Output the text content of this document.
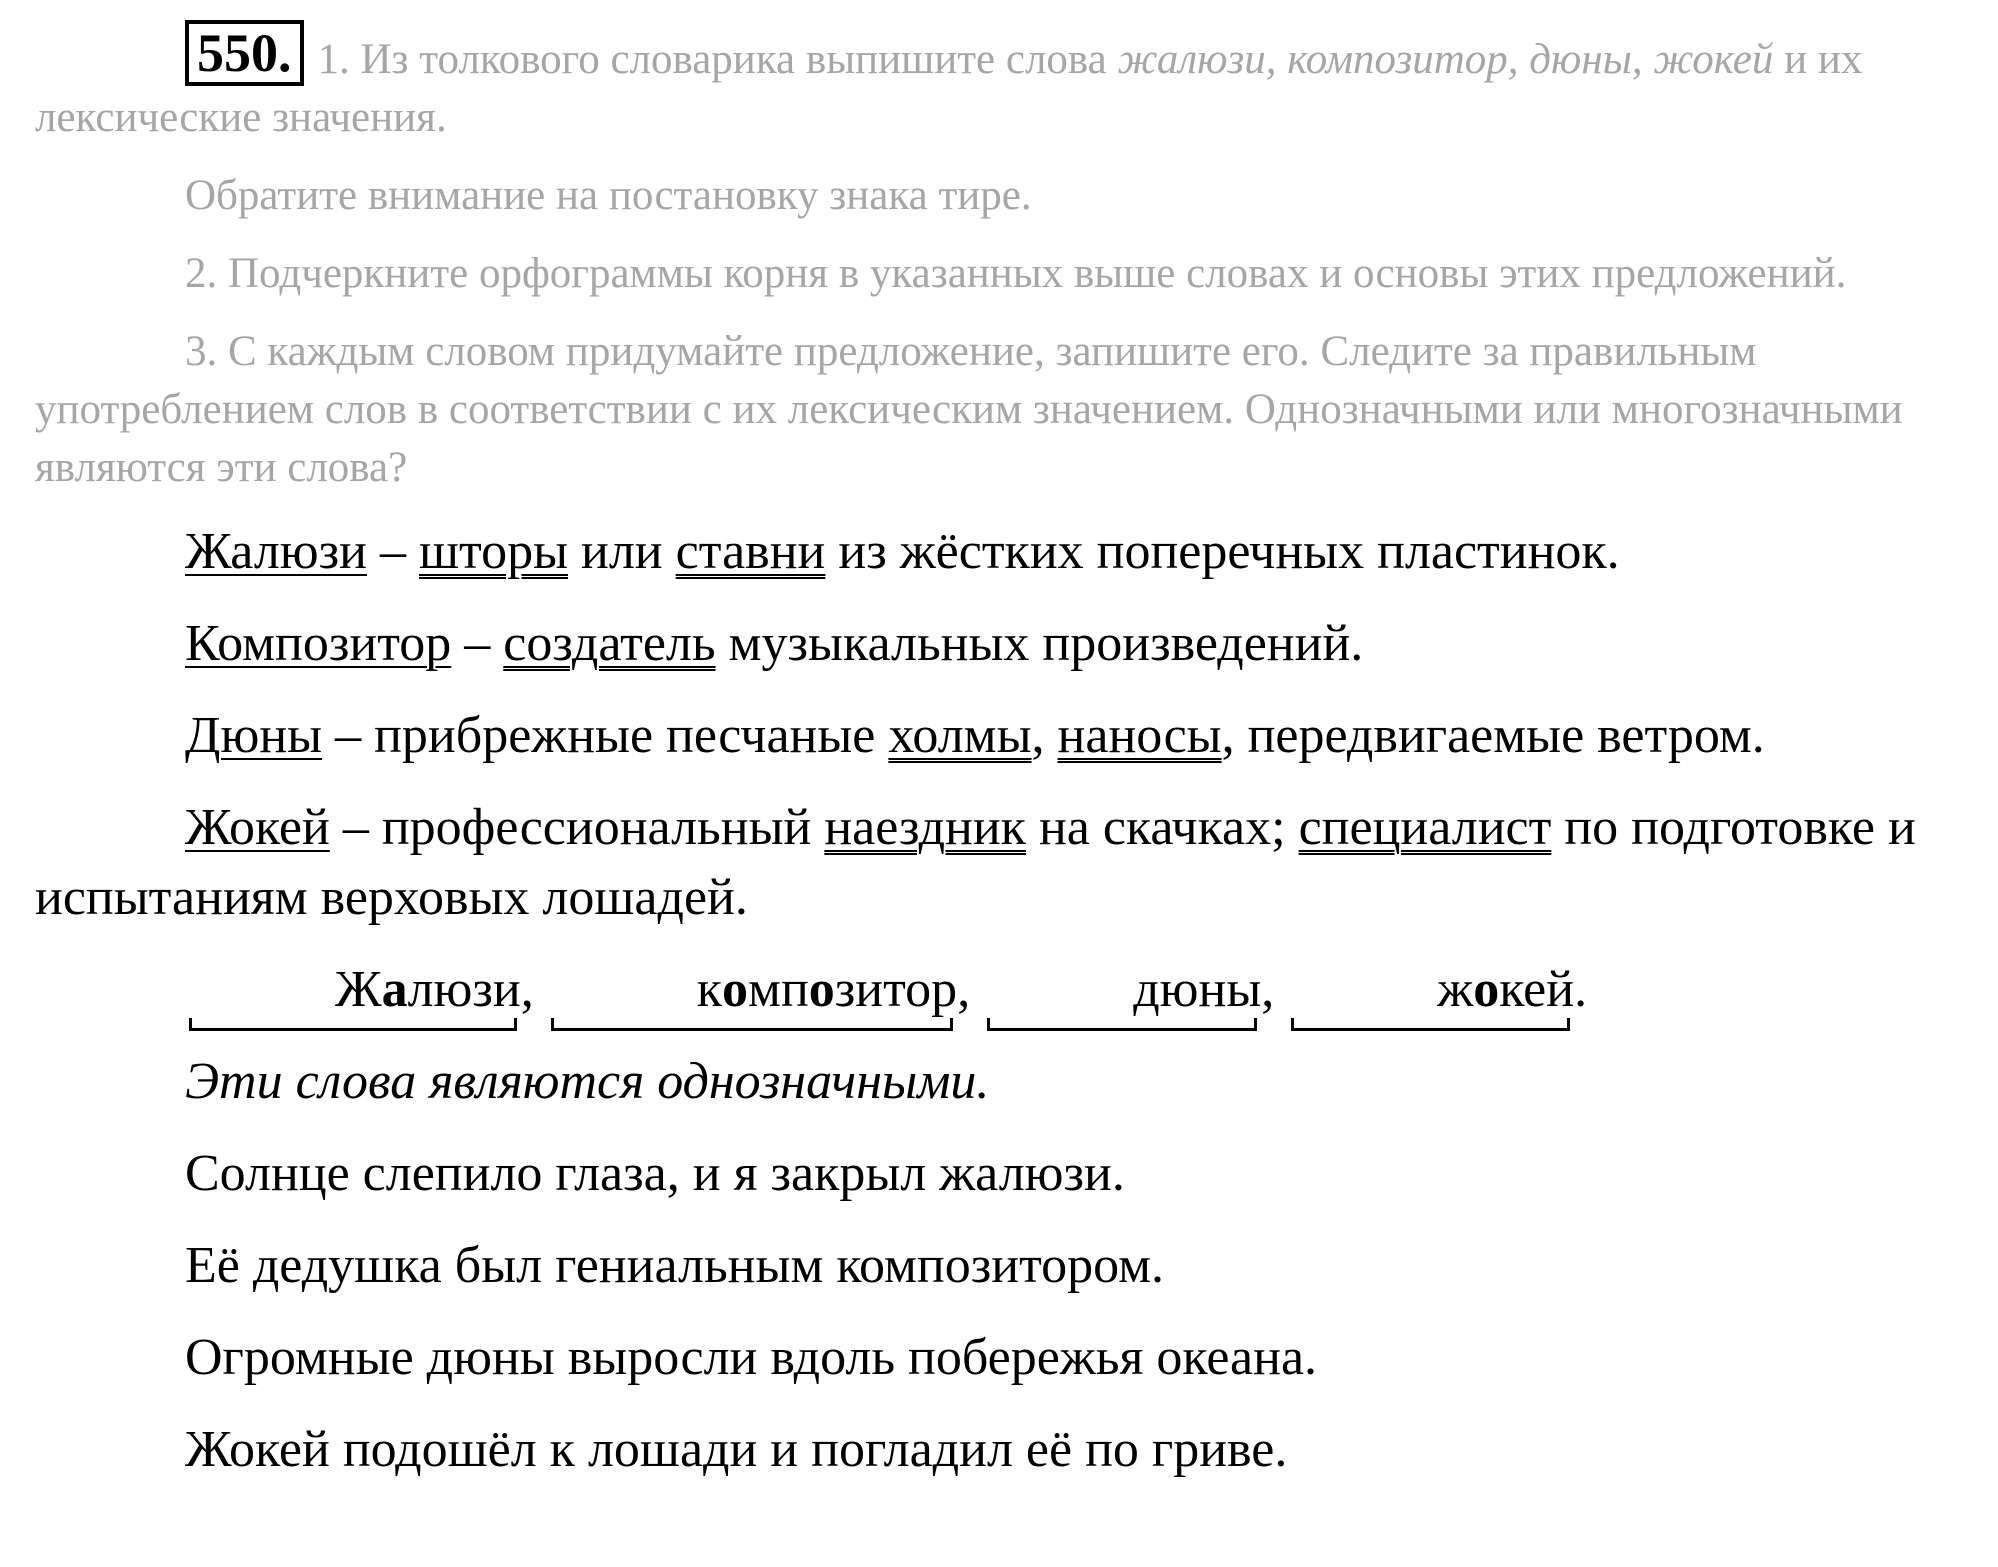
550. 1. Из толкового словарика выпишите слова жалюзи, композитор, дюны, жокей и их лексические значения.

Обратите внимание на постановку знака тире.

2. Подчеркните орфограммы корня в указанных выше словах и основы этих предложений.

3. С каждым словом придумайте предложение, запишите его. Следите за правильным употреблением слов в соответствии с их лексическим значением. Однозначными или многозначными являются эти слова?

Жалюзи – шторы или ставни из жёстких поперечных пластинок.

Композитор – создатель музыкальных произведений.

Дюны – прибрежные песчаные холмы, наносы, передвигаемые ветром.

Жокей – профессиональный наездник на скачках; специалист по подготовке и испытаниям верховых лошадей.

Жалюзи,	композитор,	дюны,	жокей.

Эти слова являются однозначными.

Солнце слепило глаза, и я закрыл жалюзи.

Её дедушка был гениальным композитором.

Огромные дюны выросли вдоль побережья океана.

Жокей подошёл к лошади и погладил её по гриве.
